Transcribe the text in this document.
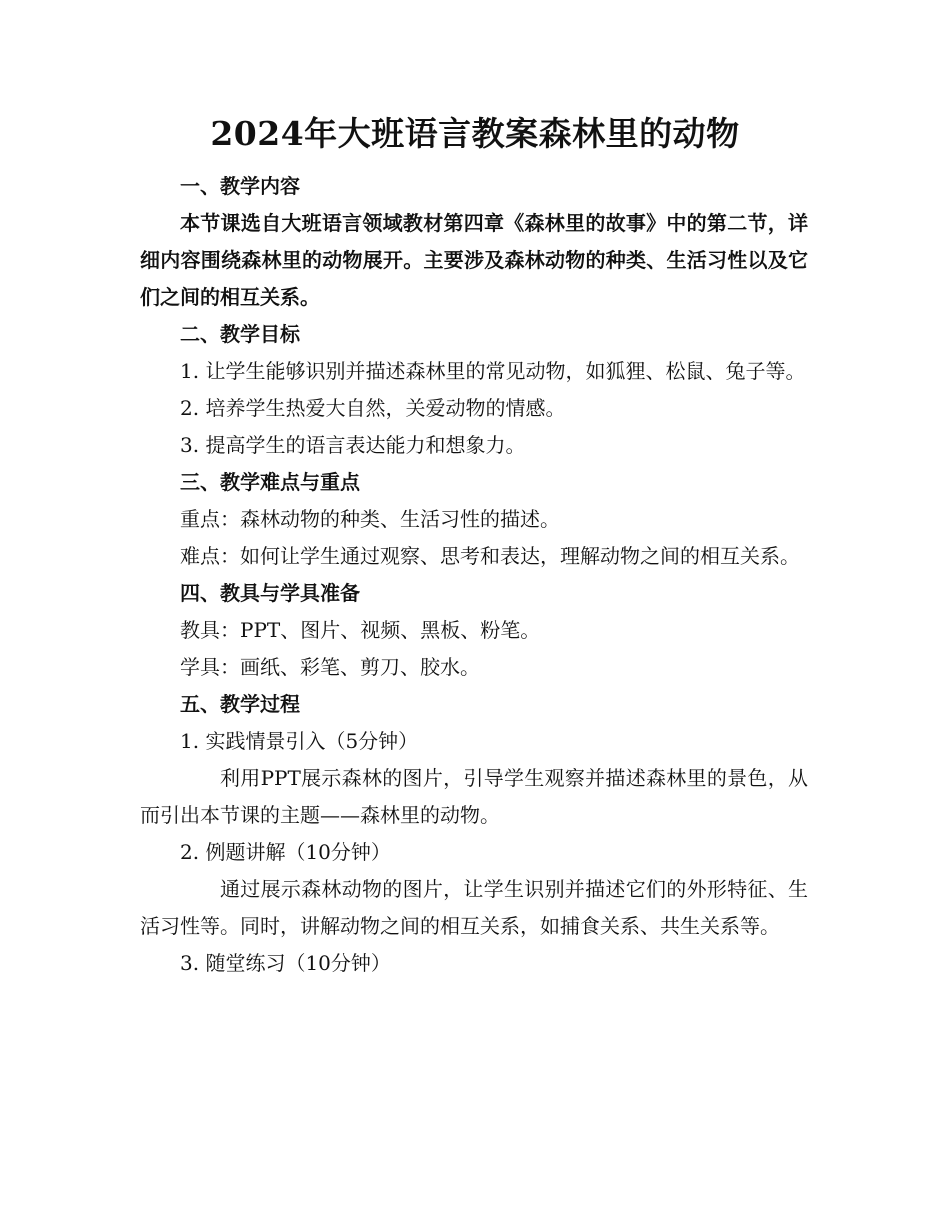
2024年大班语言教案森林里的动物

一、教学内容

本节课选自大班语言领域教材第四章《森林里的故事》中的第二节，详细内容围绕森林里的动物展开。主要涉及森林动物的种类、生活习性以及它们之间的相互关系。

二、教学目标

1. 让学生能够识别并描述森林里的常见动物，如狐狸、松鼠、兔子等。

2. 培养学生热爱大自然，关爱动物的情感。

3. 提高学生的语言表达能力和想象力。

三、教学难点与重点

重点：森林动物的种类、生活习性的描述。

难点：如何让学生通过观察、思考和表达，理解动物之间的相互关系。

四、教具与学具准备

教具：PPT、图片、视频、黑板、粉笔。

学具：画纸、彩笔、剪刀、胶水。

五、教学过程

1. 实践情景引入（5分钟）

利用PPT展示森林的图片，引导学生观察并描述森林里的景色，从而引出本节课的主题——森林里的动物。

2. 例题讲解（10分钟）

通过展示森林动物的图片，让学生识别并描述它们的外形特征、生活习性等。同时，讲解动物之间的相互关系，如捕食关系、共生关系等。

3. 随堂练习（10分钟）
